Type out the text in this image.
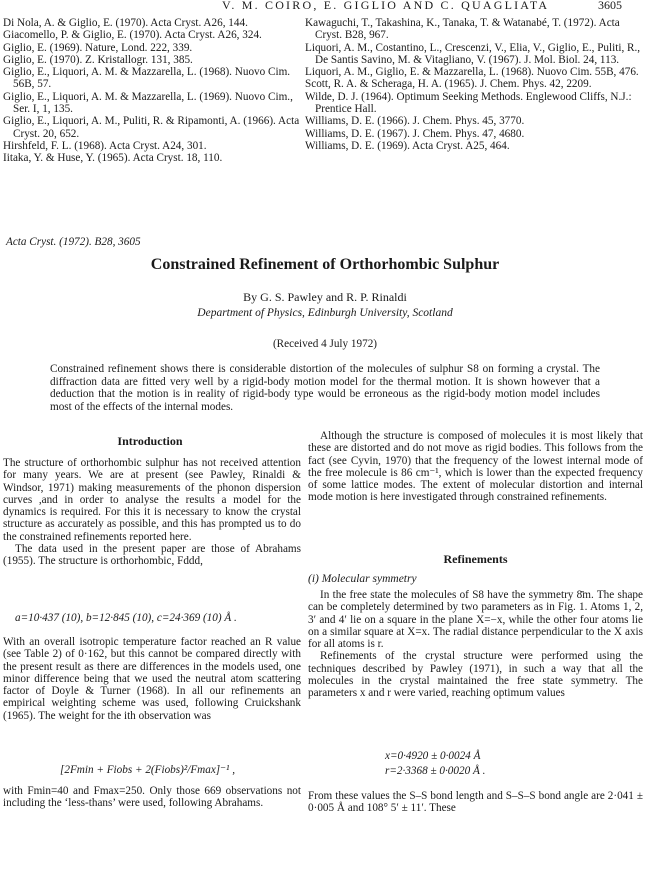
V. M. COIRO, E. GIGLIO AND C. QUAGLIATA	3605
Di Nola, A. & Giglio, E. (1970). Acta Cryst. A26, 144.
Giacomello, P. & Giglio, E. (1970). Acta Cryst. A26, 324.
Giglio, E. (1969). Nature, Lond. 222, 339.
Giglio, E. (1970). Z. Kristallogr. 131, 385.
Giglio, E., Liquori, A. M. & Mazzarella, L. (1968). Nuovo Cim. 56B, 57.
Giglio, E., Liquori, A. M. & Mazzarella, L. (1969). Nuovo Cim., Ser. I, 1, 135.
Giglio, E., Liquori, A. M., Puliti, R. & Ripamonti, A. (1966). Acta Cryst. 20, 652.
Hirshfeld, F. L. (1968). Acta Cryst. A24, 301.
Iitaka, Y. & Huse, Y. (1965). Acta Cryst. 18, 110.
Kawaguchi, T., Takashina, K., Tanaka, T. & Watanabé, T. (1972). Acta Cryst. B28, 967.
Liquori, A. M., Costantino, L., Crescenzi, V., Elia, V., Giglio, E., Puliti, R., De Santis Savino, M. & Vitagliano, V. (1967). J. Mol. Biol. 24, 113.
Liquori, A. M., Giglio, E. & Mazzarella, L. (1968). Nuovo Cim. 55B, 476.
Scott, R. A. & Scheraga, H. A. (1965). J. Chem. Phys. 42, 2209.
Wilde, D. J. (1964). Optimum Seeking Methods. Englewood Cliffs, N.J.: Prentice Hall.
Williams, D. E. (1966). J. Chem. Phys. 45, 3770.
Williams, D. E. (1967). J. Chem. Phys. 47, 4680.
Williams, D. E. (1969). Acta Cryst. A25, 464.
Acta Cryst. (1972). B28, 3605
Constrained Refinement of Orthorhombic Sulphur
By G. S. Pawley and R. P. Rinaldi
Department of Physics, Edinburgh University, Scotland
(Received 4 July 1972)
Constrained refinement shows there is considerable distortion of the molecules of sulphur S8 on forming a crystal. The diffraction data are fitted very well by a rigid-body motion model for the thermal motion. It is shown however that a deduction that the motion is in reality of rigid-body type would be erroneous as the rigid-body motion model includes most of the effects of the internal modes.
Introduction

The structure of orthorhombic sulphur has not received attention for many years. We are at present (see Pawley, Rinaldi & Windsor, 1971) making measurements of the phonon dispersion curves ,and in order to analyse the results a model for the dynamics is required. For this it is necessary to know the crystal structure as accurately as possible, and this has prompted us to do the constrained refinements reported here.

The data used in the present paper are those of Abrahams (1955). The structure is orthorhombic, Fddd,

a=10·437 (10), b=12·845 (10), c=24·369 (10) Å .

With an overall isotropic temperature factor reached an R value (see Table 2) of 0·162, but this cannot be compared directly with the present result as there are differences in the models used, one minor difference being that we used the neutral atom scattering factor of Doyle & Turner (1968). In all our refinements an empirical weighting scheme was used, following Cruickshank (1965). The weight for the ith observation was

[2Fmin + Fiobs + 2(Fiobs)²/Fmax]⁻¹ ,

with Fmin=40 and Fmax=250. Only those 669 observations not including the ‘less-thans’ were used, following Abrahams.

Although the structure is composed of molecules it is most likely that these are distorted and do not move as rigid bodies. This follows from the fact (see Cyvin, 1970) that the frequency of the lowest internal mode of the free molecule is 86 cm⁻¹, which is lower than the expected frequency of some lattice modes. The extent of molecular distortion and internal mode motion is here investigated through constrained refinements.

Refinements
(i) Molecular symmetry

In the free state the molecules of S8 have the symmetry 8̄m. The shape can be completely determined by two parameters as in Fig. 1. Atoms 1, 2, 3′ and 4′ lie on a square in the plane X=−x, while the other four atoms lie on a similar square at X=x. The radial distance perpendicular to the X axis for all atoms is r.

Refinements of the crystal structure were performed using the techniques described by Pawley (1971), in such a way that all the molecules in the crystal maintained the free state symmetry. The parameters x and r were varied, reaching optimum values

x=0·4920 ± 0·0024 Å
r=2·3368 ± 0·0020 Å .

From these values the S–S bond length and S–S–S bond angle are 2·041 ± 0·005 Å and 108° 5′ ± 11′. These
